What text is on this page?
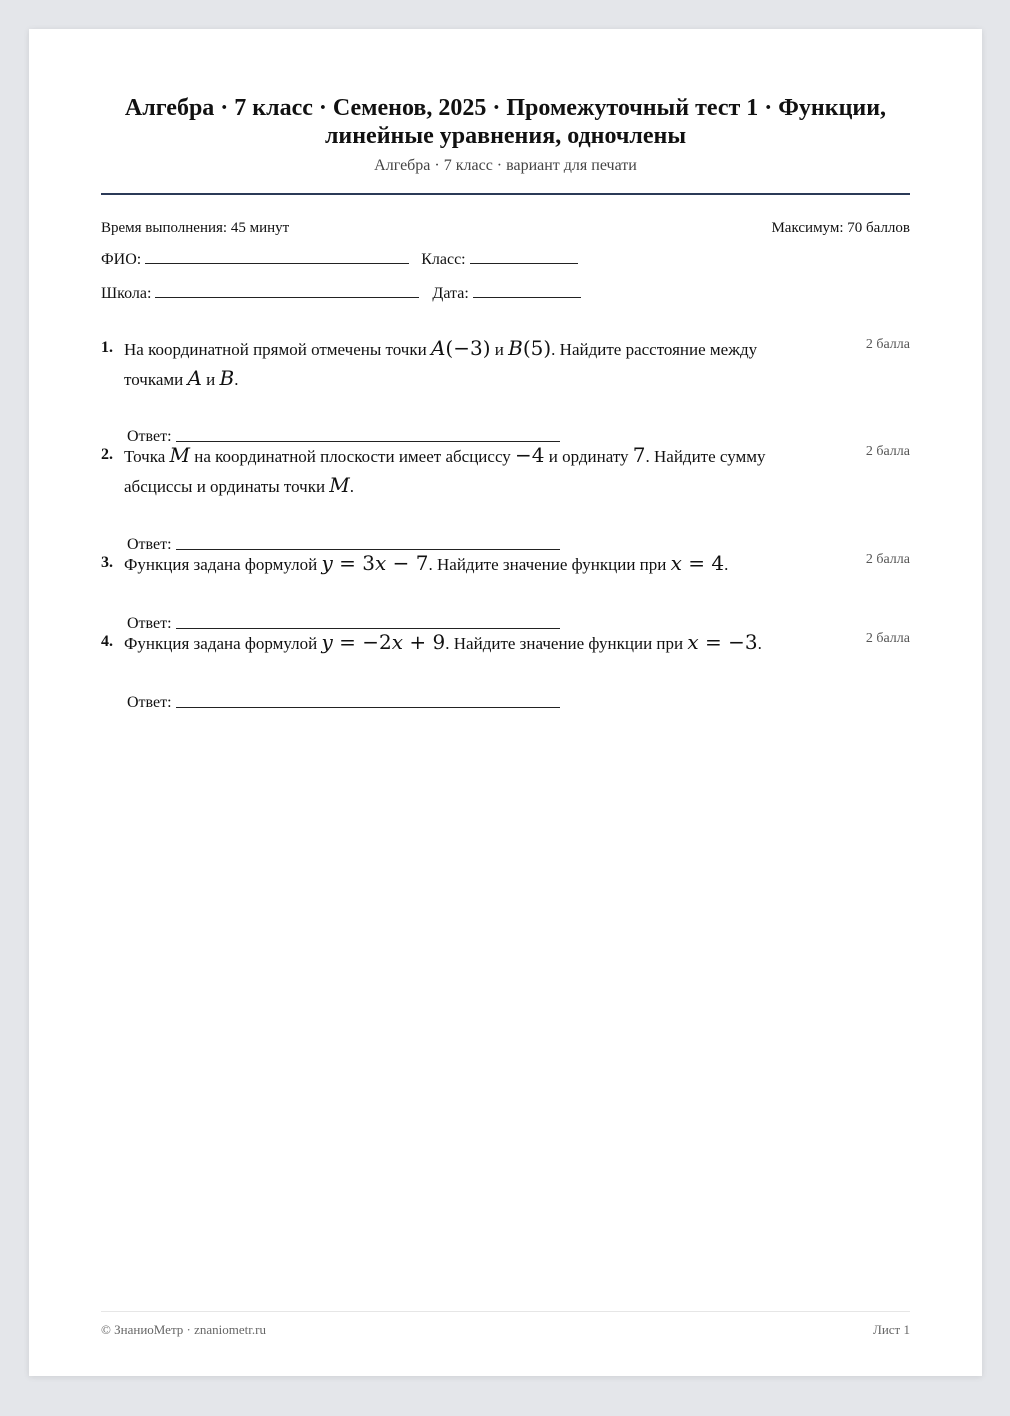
Алгебра · 7 класс · Семенов, 2025 · Промежуточный тест 1 · Функции, линейные уравнения, одночлены
Алгебра · 7 класс · вариант для печати
Время выполнения: 45 минут	Максимум: 70 баллов
ФИО:	Класс:
Школа:	Дата:
1. На координатной прямой отмечены точки A(−3) и B(5). Найдите расстояние между точками A и B.
2 балла
Ответ:
2. Точка M на координатной плоскости имеет абсциссу −4 и ординату 7. Найдите сумму абсциссы и ординаты точки M.
2 балла
Ответ:
3. Функция задана формулой y = 3x − 7. Найдите значение функции при x = 4.	2 балла
Ответ:
4. Функция задана формулой y = −2x + 9. Найдите значение функции при x = −3.	2 балла
Ответ:
© ЗнаниоМетр · znaniometr.ru	Лист 1
